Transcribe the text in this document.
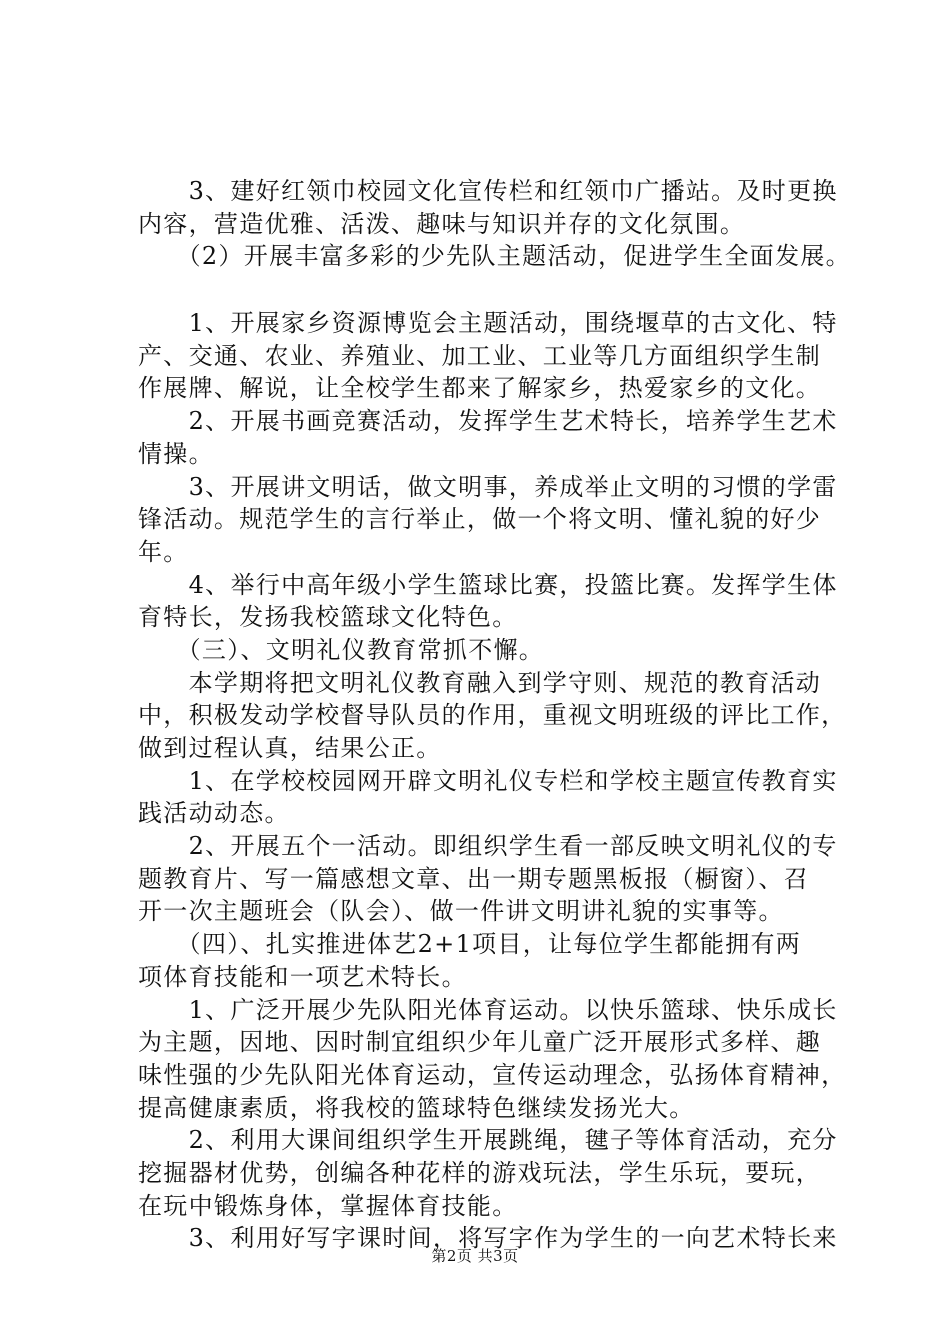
　　3、建好红领巾校园文化宣传栏和红领巾广播站。及时更换
内容，营造优雅、活泼、趣味与知识并存的文化氛围。
　　（2）开展丰富多彩的少先队主题活动，促进学生全面发展。
　　1、开展家乡资源博览会主题活动，围绕堰草的古文化、特
产、交通、农业、养殖业、加工业、工业等几方面组织学生制
作展牌、解说，让全校学生都来了解家乡，热爱家乡的文化。
　　2、开展书画竞赛活动，发挥学生艺术特长，培养学生艺术
情操。
　　3、开展讲文明话，做文明事，养成举止文明的习惯的学雷
锋活动。规范学生的言行举止，做一个将文明、懂礼貌的好少
年。
　　4、举行中高年级小学生篮球比赛，投篮比赛。发挥学生体
育特长，发扬我校篮球文化特色。
　　（三）、文明礼仪教育常抓不懈。
　　本学期将把文明礼仪教育融入到学守则、规范的教育活动
中，积极发动学校督导队员的作用，重视文明班级的评比工作，
做到过程认真，结果公正。
　　1、在学校校园网开辟文明礼仪专栏和学校主题宣传教育实
践活动动态。
　　2、开展五个一活动。即组织学生看一部反映文明礼仪的专
题教育片、写一篇感想文章、出一期专题黑板报（橱窗）、召
开一次主题班会（队会）、做一件讲文明讲礼貌的实事等。
　　（四）、扎实推进体艺2+1项目，让每位学生都能拥有两
项体育技能和一项艺术特长。
　　1、广泛开展少先队阳光体育运动。以快乐篮球、快乐成长
为主题，因地、因时制宜组织少年儿童广泛开展形式多样、趣
味性强的少先队阳光体育运动，宣传运动理念，弘扬体育精神，
提高健康素质，将我校的篮球特色继续发扬光大。
　　2、利用大课间组织学生开展跳绳，毽子等体育活动，充分
挖掘器材优势，创编各种花样的游戏玩法，学生乐玩，要玩，
在玩中锻炼身体，掌握体育技能。
　　3、利用好写字课时间，将写字作为学生的一向艺术特长来
第2页 共3页
